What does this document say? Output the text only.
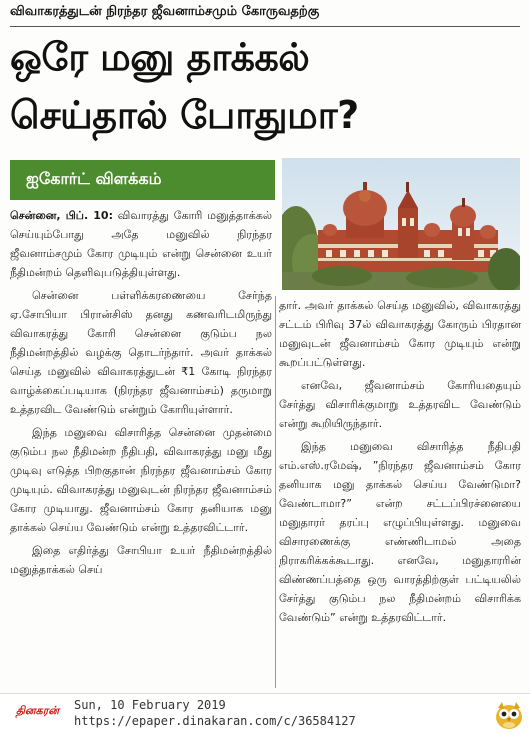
விவாகரத்துடன் நிரந்தர ஜீவனாம்சமும் கோருவதற்கு
ஒரே மனு தாக்கல்
செய்தால் போதுமா?
ஐகோர்ட் விளக்கம்

சென்னை, பிப். 10: விவாரத்து கோரி மனுத்தாக்கல் செய்யும்போது அதே மனுவில் நிரந்தர ஜீவனாம்சமும் கோர முடியும் என்று சென்னை உயர் நீதிமன்றம் தெளிவுபடுத்தியுள்ளது.

சென்னை பள்ளிக்கரணையை சேர்ந்த ஏ.சோபியா பிரான்சிஸ் தனது கணவரிடமிருந்து விவாகரத்து கோரி சென்னை குடும்ப நல நீதிமன்றத்தில் வழக்கு தொடர்ந்தார். அவர் தாக்கல் செய்த மனுவில் விவாகரத்துடன் ₹1 கோடி நிரந்தர வாழ்க்கைப்படியாக (நிரந்தர ஜீவனாம்சம்) தருமாறு உத்தரவிட வேண்டும் என்றும் கோரியுள்ளார்.

இந்த மனுவை விசாரித்த சென்னை முதன்மை குடும்ப நல நீதிமன்ற நீதிபதி, விவாகரத்து மனு மீது முடிவு எடுத்த பிறகுதான் நிரந்தர ஜீவனாம்சம் கோர முடியும். விவாகரத்து மனுவுடன் நிரந்தர ஜீவனாம்சம் கோர முடியாது. ஜீவனாம்சம் கோர தனியாக மனு தாக்கல் செய்ய வேண்டும் என்று உத்தரவிட்டார்.

இதை எதிர்த்து சோபியா உயர் நீதிமன்றத்தில் மனுத்தாக்கல் செய்

தார். அவர் தாக்கல் செய்த மனுவில், விவாகரத்து சட்டம் பிரிவு 37ல் விவாகரத்து கோரும் பிரதான மனுவுடன் ஜீவனாம்சம் கோர முடியும் என்று கூறப்பட்டுள்ளது.

எனவே, ஜீவனாம்சம் கோரியதையும் சேர்த்து விசாரிக்குமாறு உத்தரவிட வேண்டும் என்று கூறியிருந்தார்.

இந்த மனுவை விசாரித்த நீதிபதி எம்.எஸ்.ரமேஷ், ”நிரந்தர ஜீவனாம்சம் கோர தனியாக மனு தாக்கல் செய்ய வேண்டுமா? வேண்டாமா?” என்ற சட்டப்பிரச்னையை மனுதாரர் தரப்பு எழுப்பியுள்ளது. மனுவை விசாரணைக்கு எண்ணிடாமல் அதை நிராகரிக்கக்கூடாது. எனவே, மனுதாரரின் விண்ணப்பத்தை ஒரு வாரத்திற்குள் பட்டியலில் சேர்த்து குடும்ப நல நீதிமன்றம் விசாரிக்க வேண்டும்” என்று உத்தரவிட்டார்.

தினகரன் Sun, 10 February 2019
https://epaper.dinakaran.com/c/36584127
